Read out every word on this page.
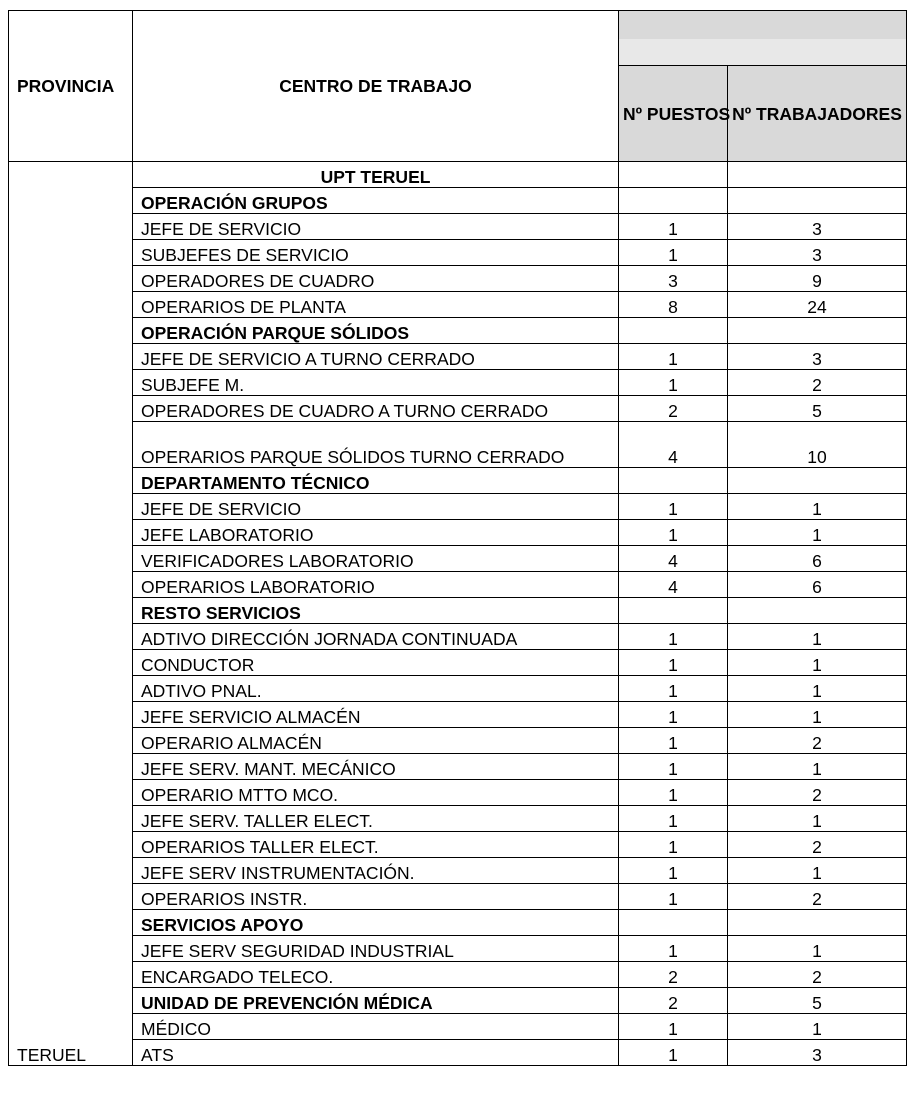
PROVINCIA	CENTRO DE TRABAJO		

		Nº PUESTOS	Nº TRABAJADORES
TERUEL	UPT TERUEL		
	OPERACIÓN GRUPOS		
	JEFE DE SERVICIO	1	3
	SUBJEFES DE SERVICIO	1	3
	OPERADORES DE CUADRO	3	9
	OPERARIOS DE PLANTA	8	24
	OPERACIÓN PARQUE SÓLIDOS		
	JEFE DE SERVICIO A TURNO CERRADO	1	3
	SUBJEFE M.	1	2
	OPERADORES DE CUADRO A TURNO CERRADO	2	5
	OPERARIOS PARQUE SÓLIDOS TURNO CERRADO	4	10
	DEPARTAMENTO TÉCNICO		
	JEFE DE SERVICIO	1	1
	JEFE LABORATORIO	1	1
	VERIFICADORES LABORATORIO	4	6
	OPERARIOS LABORATORIO	4	6
	RESTO SERVICIOS		
	ADTIVO DIRECCIÓN JORNADA CONTINUADA	1	1
	CONDUCTOR	1	1
	ADTIVO PNAL.	1	1
	JEFE SERVICIO ALMACÉN	1	1
	OPERARIO ALMACÉN	1	2
	JEFE SERV. MANT. MECÁNICO	1	1
	OPERARIO MTTO MCO.	1	2
	JEFE SERV. TALLER ELECT.	1	1
	OPERARIOS TALLER ELECT.	1	2
	JEFE SERV INSTRUMENTACIÓN.	1	1
	OPERARIOS INSTR.	1	2
	SERVICIOS APOYO		
	JEFE SERV SEGURIDAD INDUSTRIAL	1	1
	ENCARGADO TELECO.	2	2
	UNIDAD DE PREVENCIÓN MÉDICA	2	5
	MÉDICO	1	1
	ATS	1	3
